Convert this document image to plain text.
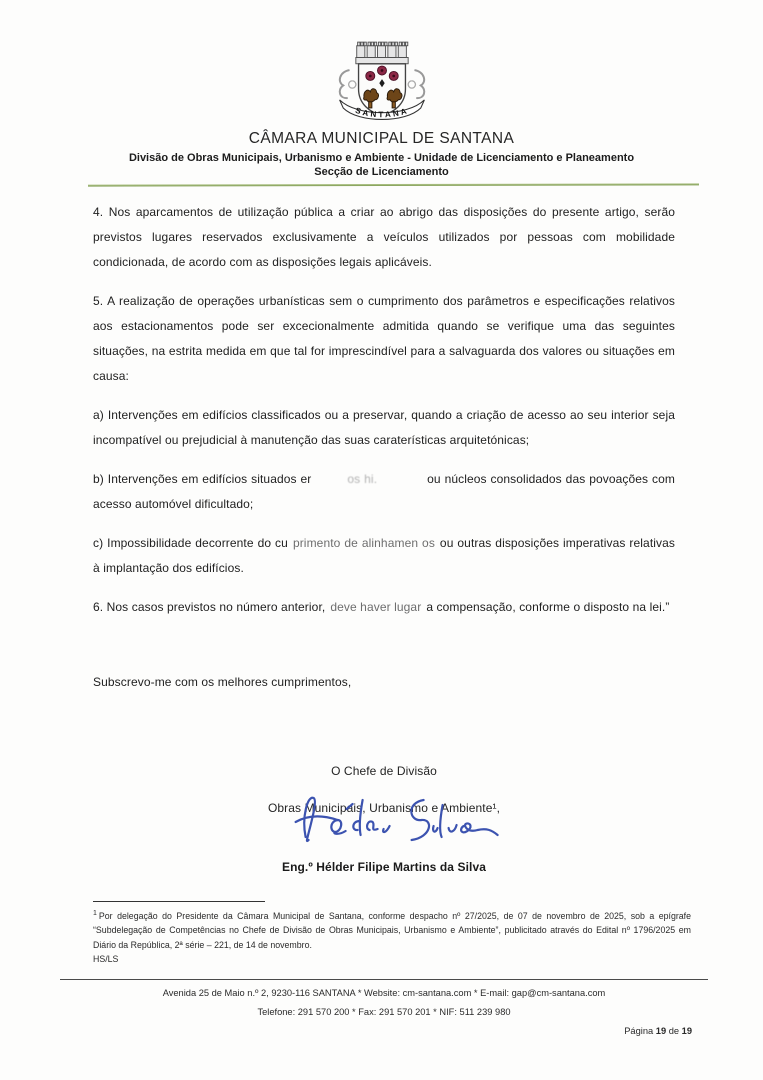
SANTANA
CÂMARA MUNICIPAL DE SANTANA
Divisão de Obras Municipais, Urbanismo e Ambiente - Unidade de Licenciamento e Planeamento
Secção de Licenciamento

4. Nos aparcamentos de utilização pública a criar ao abrigo das disposições do presente artigo, serão previstos lugares reservados exclusivamente a veículos utilizados por pessoas com mobilidade condicionada, de acordo com as disposições legais aplicáveis.

5. A realização de operações urbanísticas sem o cumprimento dos parâmetros e especificações relativos aos estacionamentos pode ser excecionalmente admitida quando se verifique uma das seguintes situações, na estrita medida em que tal for imprescindível para a salvaguarda dos valores ou situações em causa:

a) Intervenções em edifícios classificados ou a preservar, quando a criação de acesso ao seu interior seja incompatível ou prejudicial à manutenção das suas caraterísticas arquitetónicas;

b) Intervenções em edifícios situados er	os hi.	ou núcleos consolidados das povoações com acesso automóvel dificultado;

c) Impossibilidade decorrente do cu primento de alinhamen os ou outras disposições imperativas relativas à implantação dos edifícios.

6. Nos casos previstos no número anterior, deve haver lugar a compensação, conforme o disposto na lei.”

Subscrevo-me com os melhores cumprimentos,

O Chefe de Divisão
Obras Municipais, Urbanismo e Ambiente¹,
Eng.º Hélder Filipe Martins da Silva
$^1$ Por delegação do Presidente da Câmara Municipal de Santana, conforme despacho nº 27/2025, de 07 de novembro de 2025, sob a epígrafe “Subdelegação de Competências no Chefe de Divisão de Obras Municipais, Urbanismo e Ambiente”, publicitado através do Edital nº 1796/2025 em Diário da República, 2ª série – 221, de 14 de novembro.
HS/LS
Avenida 25 de Maio n.º 2, 9230-116 SANTANA * Website: cm-santana.com * E-mail: gap@cm-santana.com
Telefone: 291 570 200 * Fax: 291 570 201 * NIF: 511 239 980
Página 19 de 19
